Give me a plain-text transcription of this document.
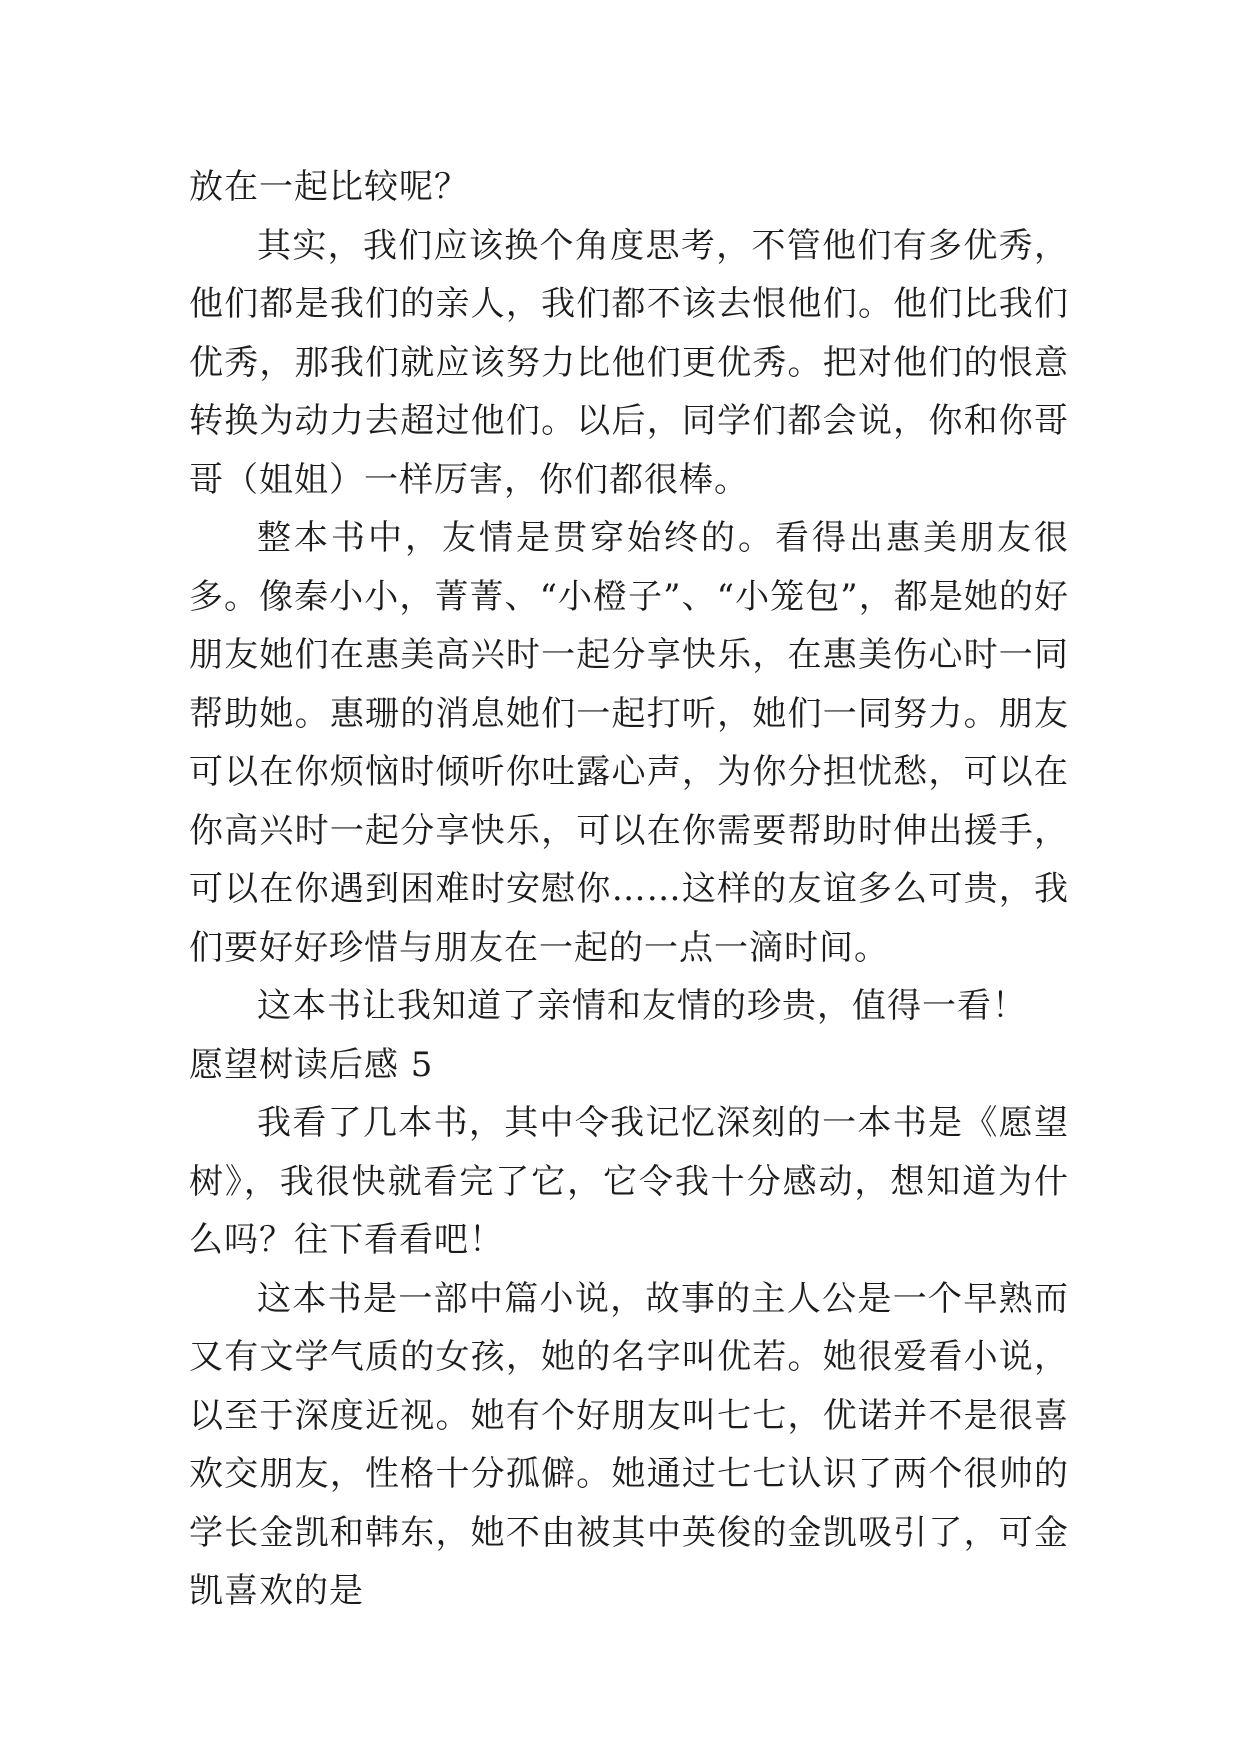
放在一起比较呢？

其实，我们应该换个角度思考，不管他们有多优秀，他们都是我们的亲人，我们都不该去恨他们。他们比我们优秀，那我们就应该努力比他们更优秀。把对他们的恨意转换为动力去超过他们。以后，同学们都会说，你和你哥哥（姐姐）一样厉害，你们都很棒。

整本书中，友情是贯穿始终的。看得出惠美朋友很多。像秦小小，菁菁、“小橙子”、“小笼包”，都是她的好朋友她们在惠美高兴时一起分享快乐，在惠美伤心时一同帮助她。惠珊的消息她们一起打听，她们一同努力。朋友可以在你烦恼时倾听你吐露心声，为你分担忧愁，可以在你高兴时一起分享快乐，可以在你需要帮助时伸出援手，可以在你遇到困难时安慰你……这样的友谊多么可贵，我们要好好珍惜与朋友在一起的一点一滴时间。

这本书让我知道了亲情和友情的珍贵，值得一看！

愿望树读后感 5

我看了几本书，其中令我记忆深刻的一本书是《愿望树》，我很快就看完了它，它令我十分感动，想知道为什么吗？往下看看吧！

这本书是一部中篇小说，故事的主人公是一个早熟而又有文学气质的女孩，她的名字叫优若。她很爱看小说，以至于深度近视。她有个好朋友叫七七，优诺并不是很喜欢交朋友，性格十分孤僻。她通过七七认识了两个很帅的学长金凯和韩东，她不由被其中英俊的金凯吸引了，可金凯喜欢的是
